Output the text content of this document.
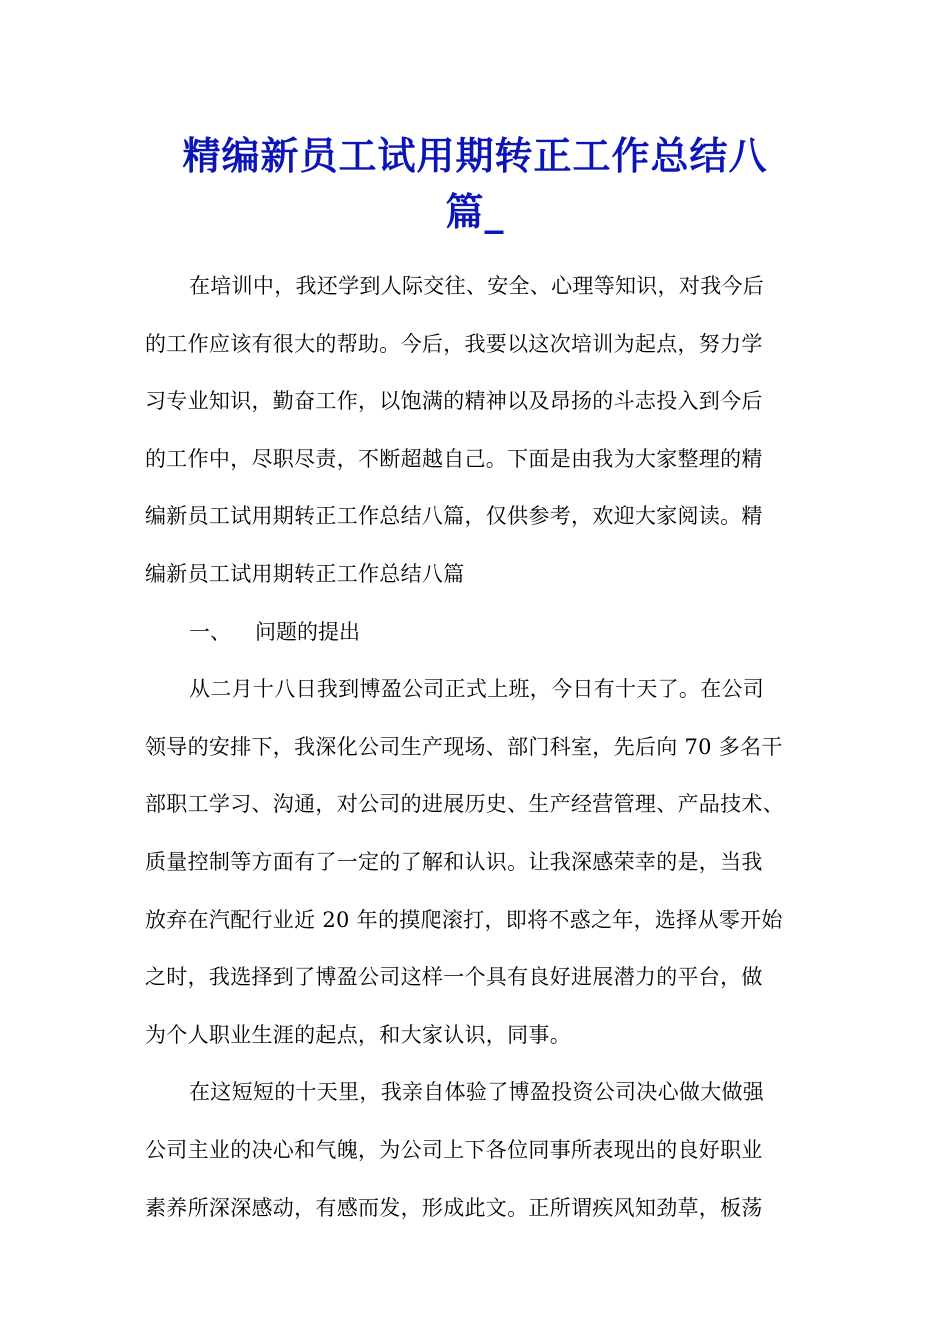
精编新员工试用期转正工作总结八
篇_
在培训中，我还学到人际交往、安全、心理等知识，对我今后
的工作应该有很大的帮助。今后，我要以这次培训为起点，努力学
习专业知识，勤奋工作，以饱满的精神以及昂扬的斗志投入到今后
的工作中，尽职尽责，不断超越自己。下面是由我为大家整理的精
编新员工试用期转正工作总结八篇，仅供参考，欢迎大家阅读。精
编新员工试用期转正工作总结八篇
一、 问题的提出
从二月十八日我到博盈公司正式上班，今日有十天了。在公司
领导的安排下，我深化公司生产现场、部门科室，先后向 70 多名干
部职工学习、沟通，对公司的进展历史、生产经营管理、产品技术、
质量控制等方面有了一定的了解和认识。让我深感荣幸的是，当我
放弃在汽配行业近 20 年的摸爬滚打，即将不惑之年，选择从零开始
之时，我选择到了博盈公司这样一个具有良好进展潜力的平台，做
为个人职业生涯的起点，和大家认识，同事。
在这短短的十天里，我亲自体验了博盈投资公司决心做大做强
公司主业的决心和气魄，为公司上下各位同事所表现出的良好职业
素养所深深感动，有感而发，形成此文。正所谓疾风知劲草，板荡
